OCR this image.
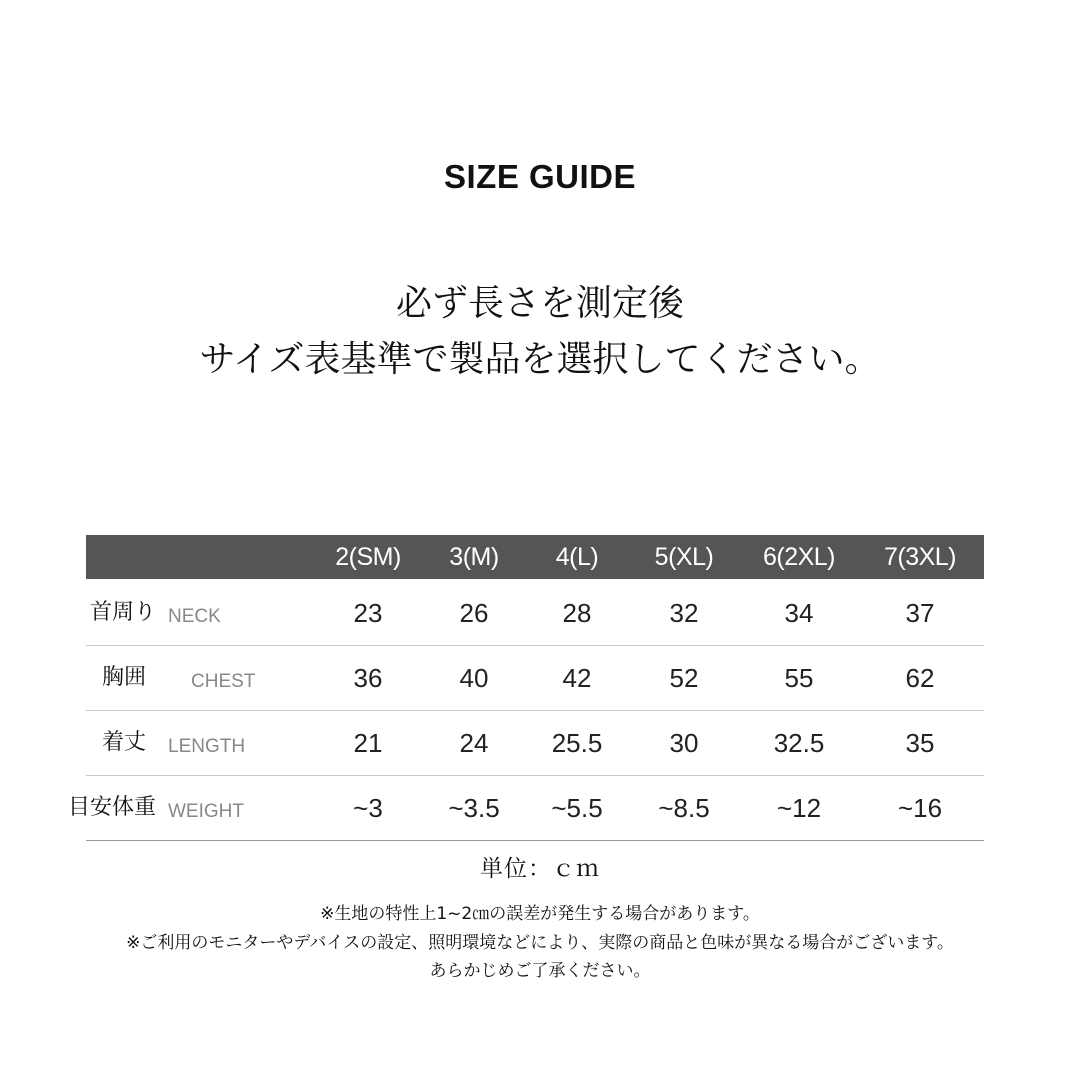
SIZE GUIDE
必ず長さを測定後
サイズ表基準で製品を選択してください。
2(SM)	3(M)	4(L)	5(XL)	6(2XL)	7(3XL)
首周り NECK	23	26	28	32	34	37
胸囲 CHEST	36	40	42	52	55	62
着丈 LENGTH	21	24	25.5	30	32.5	35
目安体重 WEIGHT	~3	~3.5	~5.5	~8.5	~12	~16
単位：ｃｍ
※生地の特性上1~2㎝の誤差が発生する場合があります。
※ご利用のモニターやデバイスの設定、照明環境などにより、実際の商品と色味が異なる場合がございます。
あらかじめご了承ください。
